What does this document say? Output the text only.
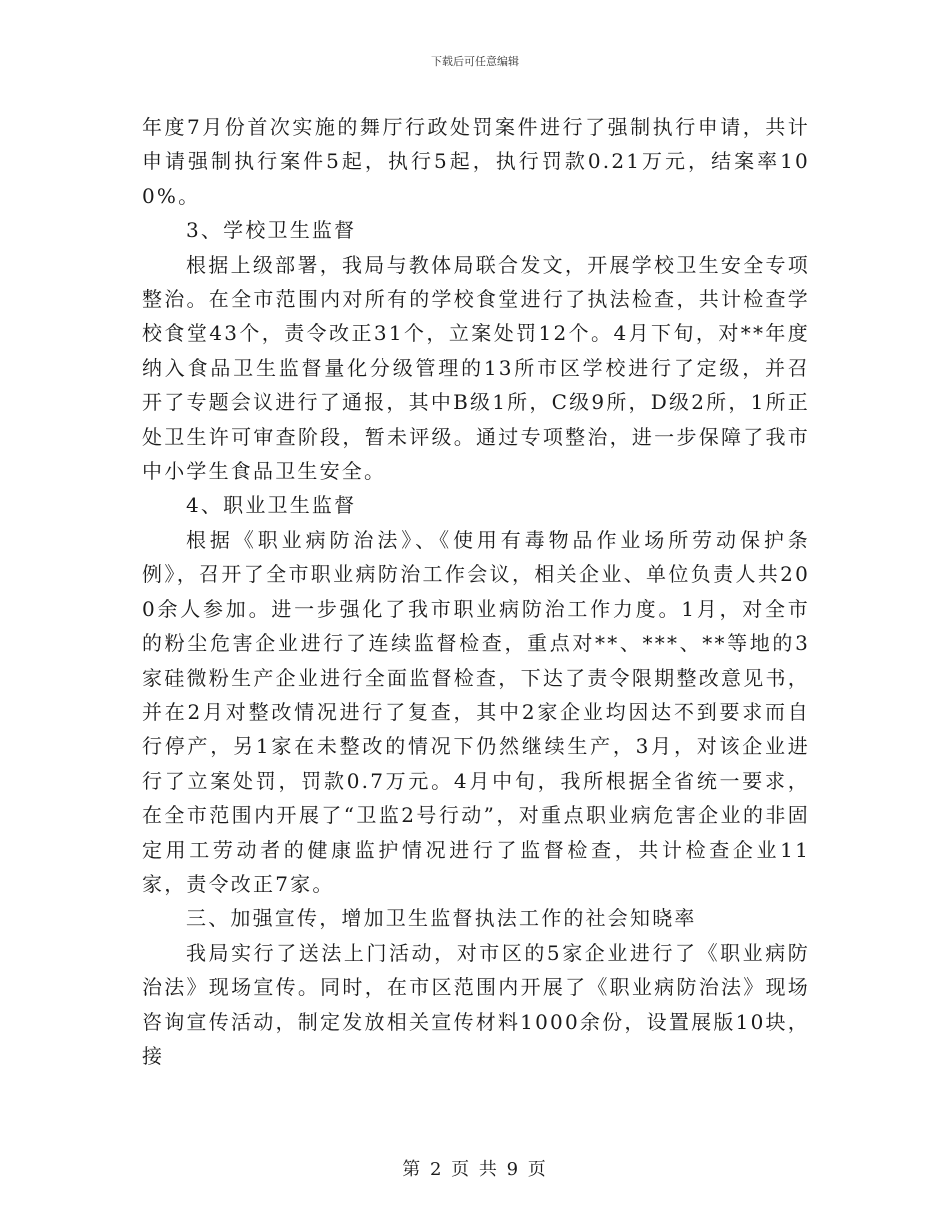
下载后可任意编辑

年度7月份首次实施的舞厅行政处罚案件进行了强制执行申请，共计申请强制执行案件5起，执行5起，执行罚款0.21万元，结案率100%。

3、学校卫生监督

根据上级部署，我局与教体局联合发文，开展学校卫生安全专项整治。在全市范围内对所有的学校食堂进行了执法检查，共计检查学校食堂43个，责令改正31个，立案处罚12个。4月下旬，对**年度纳入食品卫生监督量化分级管理的13所市区学校进行了定级，并召开了专题会议进行了通报，其中B级1所，C级9所，D级2所，1所正处卫生许可审查阶段，暂未评级。通过专项整治，进一步保障了我市中小学生食品卫生安全。

4、职业卫生监督

根据《职业病防治法》、《使用有毒物品作业场所劳动保护条例》，召开了全市职业病防治工作会议，相关企业、单位负责人共200余人参加。进一步强化了我市职业病防治工作力度。1月，对全市的粉尘危害企业进行了连续监督检查，重点对**、***、**等地的3家硅微粉生产企业进行全面监督检查，下达了责令限期整改意见书，并在2月对整改情况进行了复查，其中2家企业均因达不到要求而自行停产，另1家在未整改的情况下仍然继续生产，3月，对该企业进行了立案处罚，罚款0.7万元。4月中旬，我所根据全省统一要求，在全市范围内开展了“卫监2号行动”，对重点职业病危害企业的非固定用工劳动者的健康监护情况进行了监督检查，共计检查企业11家，责令改正7家。

三、加强宣传，增加卫生监督执法工作的社会知晓率

我局实行了送法上门活动，对市区的5家企业进行了《职业病防治法》现场宣传。同时，在市区范围内开展了《职业病防治法》现场咨询宣传活动，制定发放相关宣传材料1000余份，设置展版10块，接

第 2 页 共 9 页
